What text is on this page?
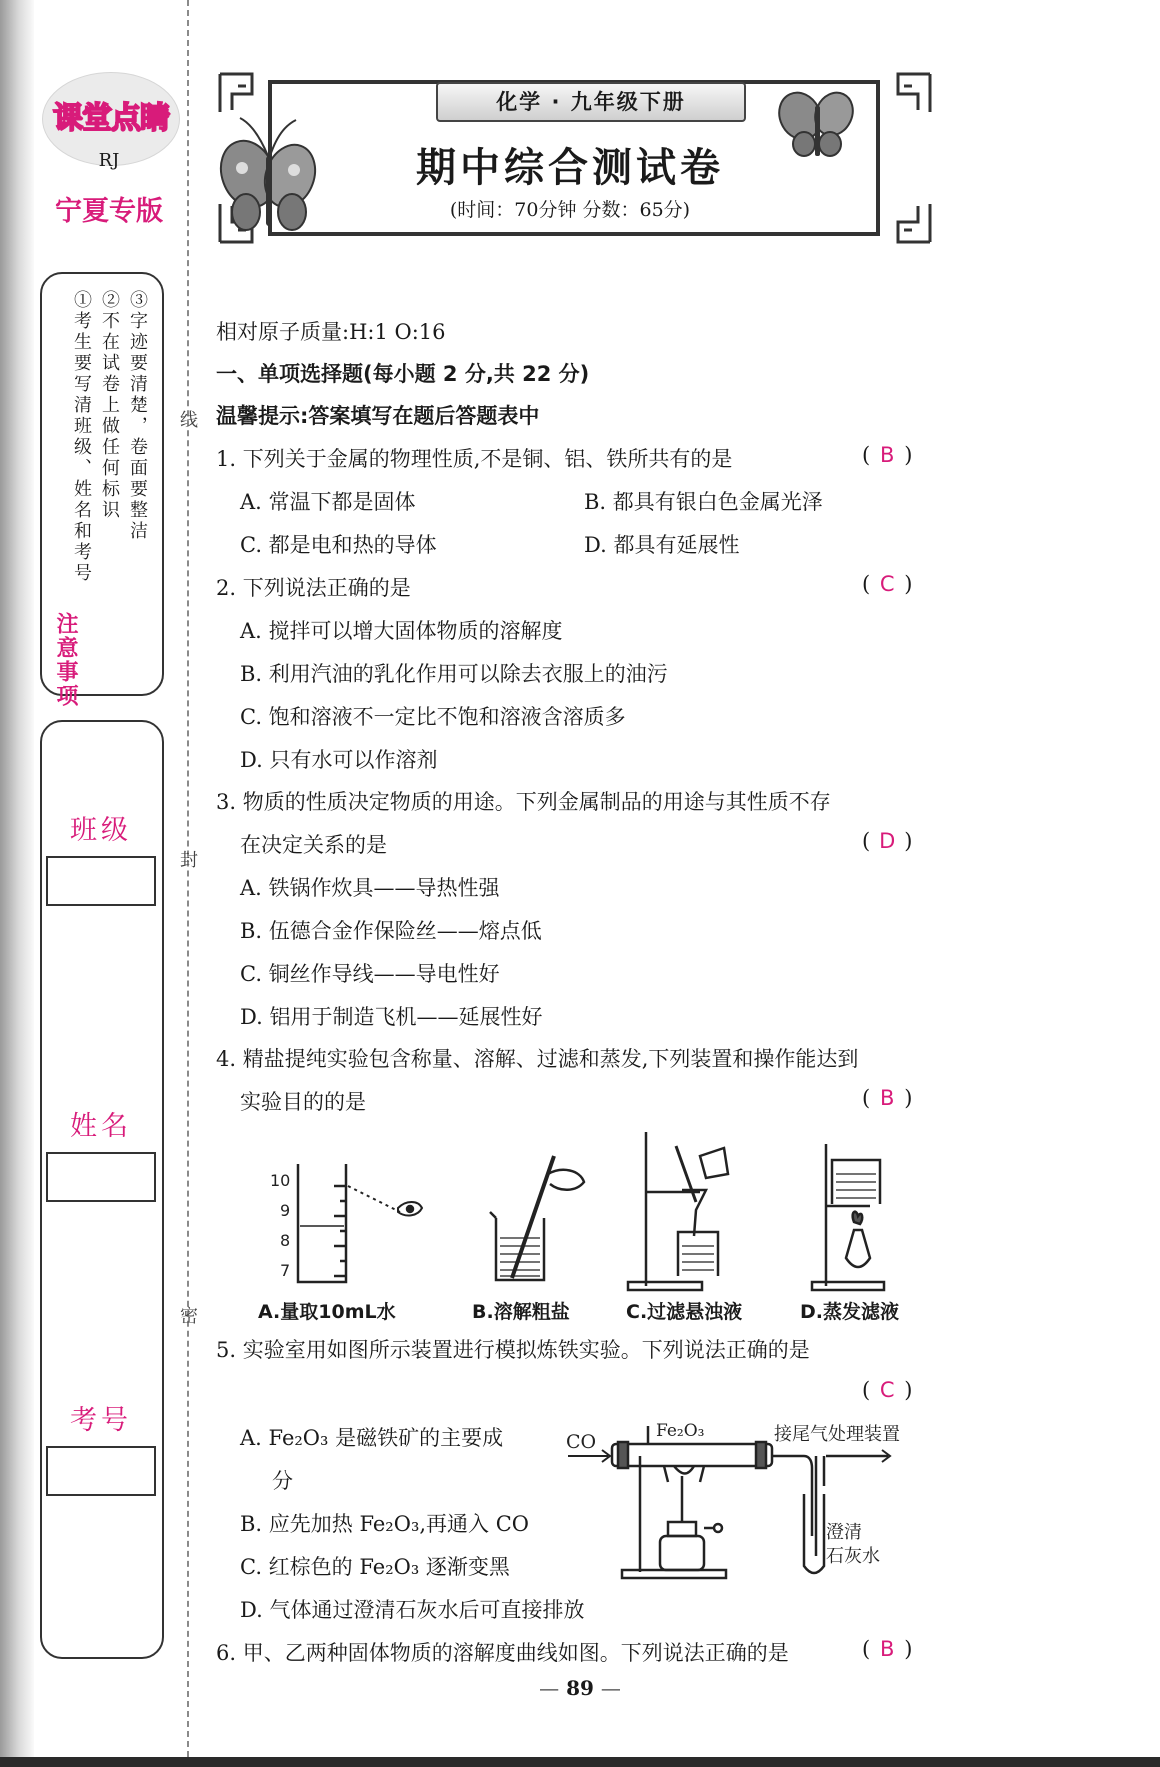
课堂点睛
RJ
宁夏专版
③字迹要清楚，卷面要整洁
②不在试卷上做任何标识
①考生要写清班级、姓名和考号
注意事项
班级
姓名
考号
线
封
密
化学 · 九年级下册
期中综合测试卷
(时间：70分钟 分数：65分)
相对原子质量:H:1 O:16
一、单项选择题(每小题 2 分,共 22 分)
温馨提示:答案填写在题后答题表中
1. 下列关于金属的物理性质,不是铜、铝、铁所共有的是	( B )
A. 常温下都是固体	B. 都具有银白色金属光泽
C. 都是电和热的导体	D. 都具有延展性
2. 下列说法正确的是	( C )
A. 搅拌可以增大固体物质的溶解度
B. 利用汽油的乳化作用可以除去衣服上的油污
C. 饱和溶液不一定比不饱和溶液含溶质多
D. 只有水可以作溶剂
3. 物质的性质决定物质的用途。下列金属制品的用途与其性质不存
在决定关系的是	( D )
A. 铁锅作炊具——导热性强
B. 伍德合金作保险丝——熔点低
C. 铜丝作导线——导电性好
D. 铝用于制造飞机——延展性好
4. 精盐提纯实验包含称量、溶解、过滤和蒸发,下列装置和操作能达到
实验目的的是	( B )
10
9
8
7
A.量取10mL水	B.溶解粗盐	C.过滤悬浊液	D.蒸发滤液
5. 实验室用如图所示装置进行模拟炼铁实验。下列说法正确的是
( C )
A. Fe₂O₃ 是磁铁矿的主要成
分
B. 应先加热 Fe₂O₃,再通入 CO
C. 红棕色的 Fe₂O₃ 逐渐变黑
D. 气体通过澄清石灰水后可直接排放
CO	Fe₂O₃	接尾气处理装置
澄清
石灰水
6. 甲、乙两种固体物质的溶解度曲线如图。下列说法正确的是	( B )
— 89 —
